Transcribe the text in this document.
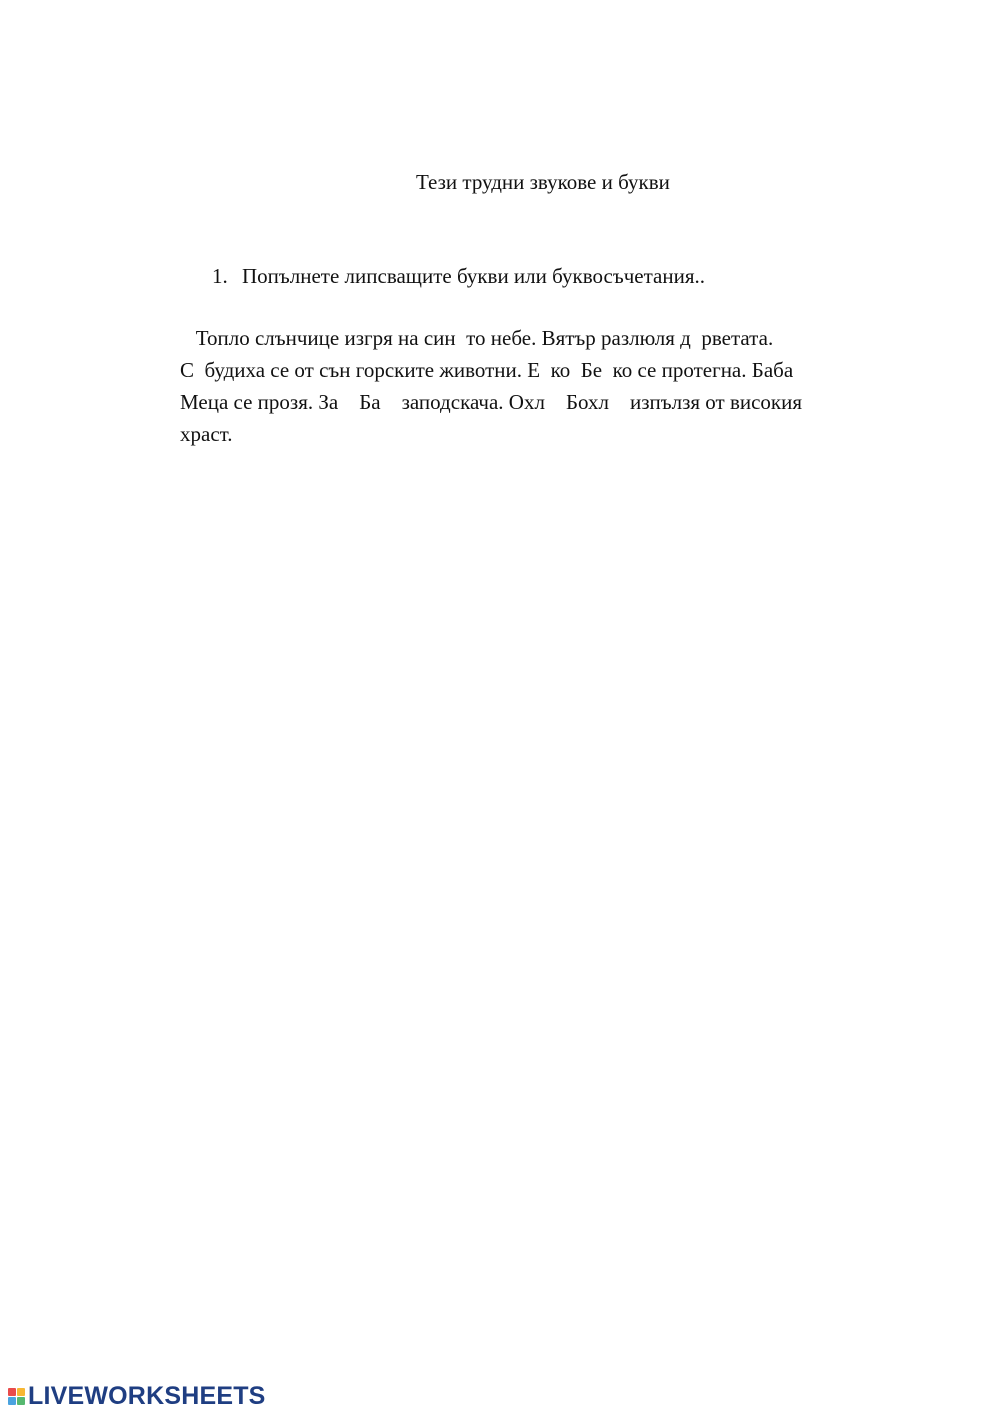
Тези трудни звукове и букви
1. Попълнете липсващите букви или буквосъчетания..
Топло слънчице изгря на син  то небе. Вятър разлюля д  рветата.
С  будиха се от сън горските животни. Е  ко  Бе  ко се протегна. Баба
Меца се прозя. За    Ба    заподскача. Охл    Бохл    изпълзя от високия
храст.
LIVEWORKSHEETS
